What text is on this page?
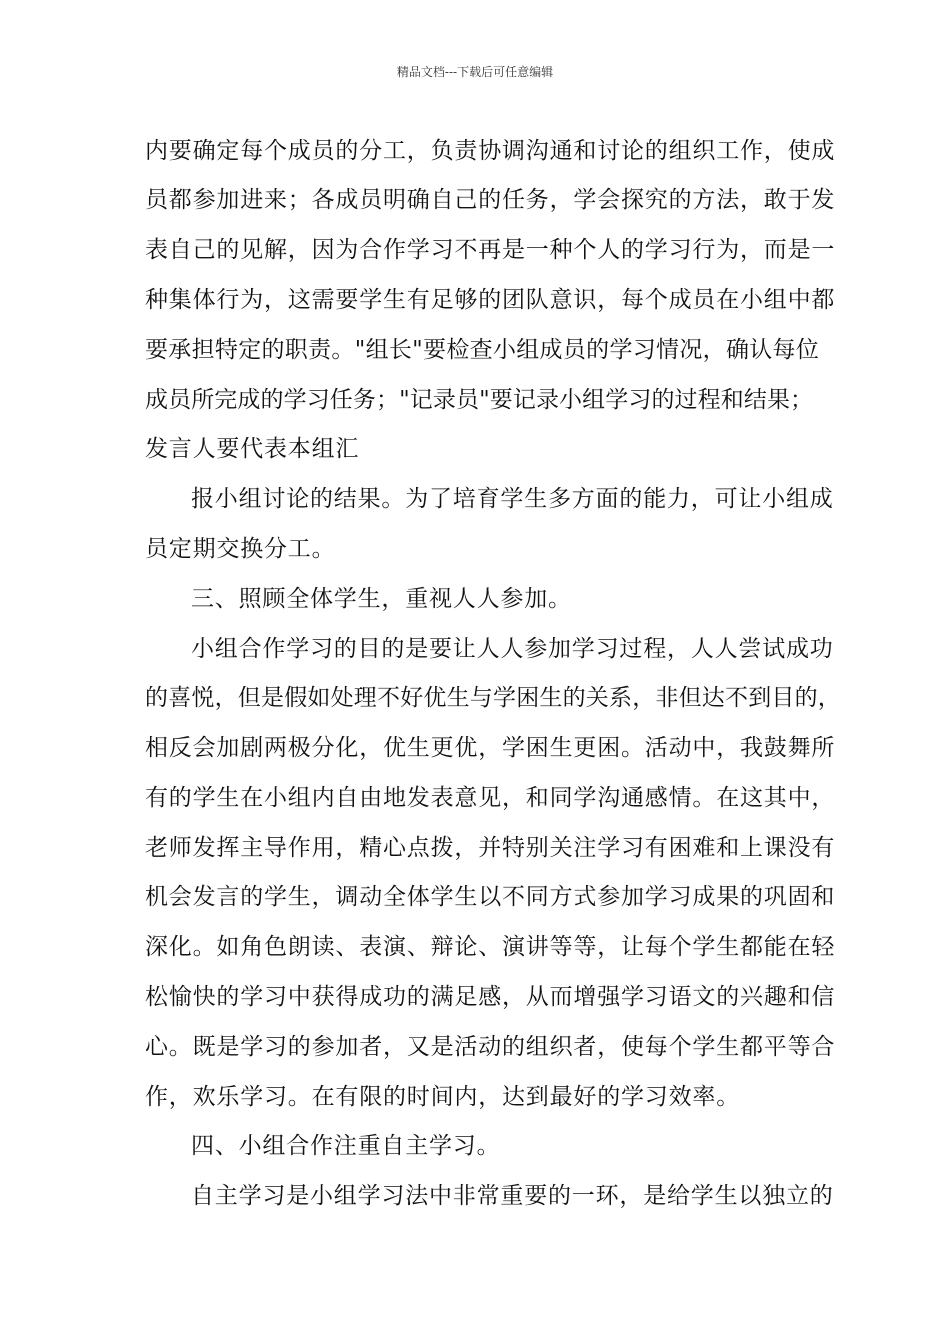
精品文档---下载后可任意编辑
内要确定每个成员的分工，负责协调沟通和讨论的组织工作，使成
员都参加进来；各成员明确自己的任务，学会探究的方法，敢于发
表自己的见解，因为合作学习不再是一种个人的学习行为，而是一
种集体行为，这需要学生有足够的团队意识，每个成员在小组中都
要承担特定的职责。"组长"要检查小组成员的学习情况，确认每位
成员所完成的学习任务；"记录员"要记录小组学习的过程和结果；
发言人要代表本组汇
报小组讨论的结果。为了培育学生多方面的能力，可让小组成
员定期交换分工。
三、照顾全体学生，重视人人参加。
小组合作学习的目的是要让人人参加学习过程，人人尝试成功
的喜悦，但是假如处理不好优生与学困生的关系，非但达不到目的，
相反会加剧两极分化，优生更优，学困生更困。活动中，我鼓舞所
有的学生在小组内自由地发表意见，和同学沟通感情。在这其中，
老师发挥主导作用，精心点拨，并特别关注学习有困难和上课没有
机会发言的学生，调动全体学生以不同方式参加学习成果的巩固和
深化。如角色朗读、表演、辩论、演讲等等，让每个学生都能在轻
松愉快的学习中获得成功的满足感，从而增强学习语文的兴趣和信
心。既是学习的参加者，又是活动的组织者，使每个学生都平等合
作，欢乐学习。在有限的时间内，达到最好的学习效率。
四、小组合作注重自主学习。
自主学习是小组学习法中非常重要的一环，是给学生以独立的
